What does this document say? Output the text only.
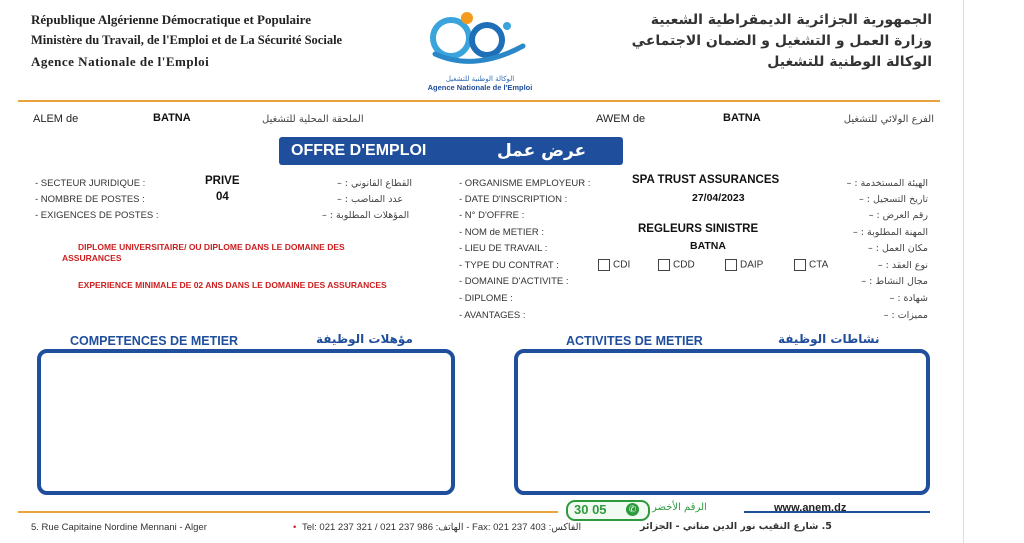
République Algérienne Démocratique et Populaire
Ministère du Travail, de l'Emploi et de La Sécurité Sociale
Agence Nationale de l'Emploi
الوكالة الوطنية للتشغيل
Agence Nationale de l'Emploi
الجمهورية الجزائرية الديمقراطية الشعبية
وزارة العمل و التشغيل و الضمان الاجتماعي
الوكالة الوطنية للتشغيل
ALEM de	BATNA	الملحقة المحلية للتشغيل	AWEM de	BATNA	الفرع الولائي للتشغيل
OFFRE D'EMPLOI	عرض عمل
- SECTEUR JURIDIQUE :	PRIVE	القطاع القانوني : –
- NOMBRE DE POSTES :	04	عدد المناصب : –
- EXIGENCES DE POSTES :	المؤهلات المطلوبة : –
DIPLOME UNIVERSITAIRE/ OU DIPLOME DANS LE DOMAINE DES ASSURANCES
EXPERIENCE MINIMALE DE 02 ANS DANS LE DOMAINE DES ASSURANCES
- ORGANISME EMPLOYEUR :	SPA TRUST ASSURANCES	الهيئة المستخدمة : –
- DATE D'INSCRIPTION :	27/04/2023	تاريخ التسجيل : –
- N° D'OFFRE :	رقم العرض : –
- NOM de METIER :	REGLEURS SINISTRE	المهنة المطلوبة : –
- LIEU DE TRAVAIL :	BATNA	مكان العمل : –
- TYPE DU CONTRAT :	CDI	CDD	DAIP	CTA	نوع العقد : –
- DOMAINE D'ACTIVITE :	مجال النشاط : –
- DIPLOME :	شهادة : –
- AVANTAGES :	مميزات : –
COMPETENCES DE METIER	مؤهلات الوظيفة	ACTIVITES DE METIER	نشاطات الوظيفة
30 05	✆ الرقم الأخضر	www.anem.dz
5. Rue Capitaine Nordine Mennani - Alger	• Tel: 021 237 321 / 021 237 986 :الهاتف - Fax: 021 237 403 :الفاكس	5. شارع النقيب نور الدين مناني - الجزائر
